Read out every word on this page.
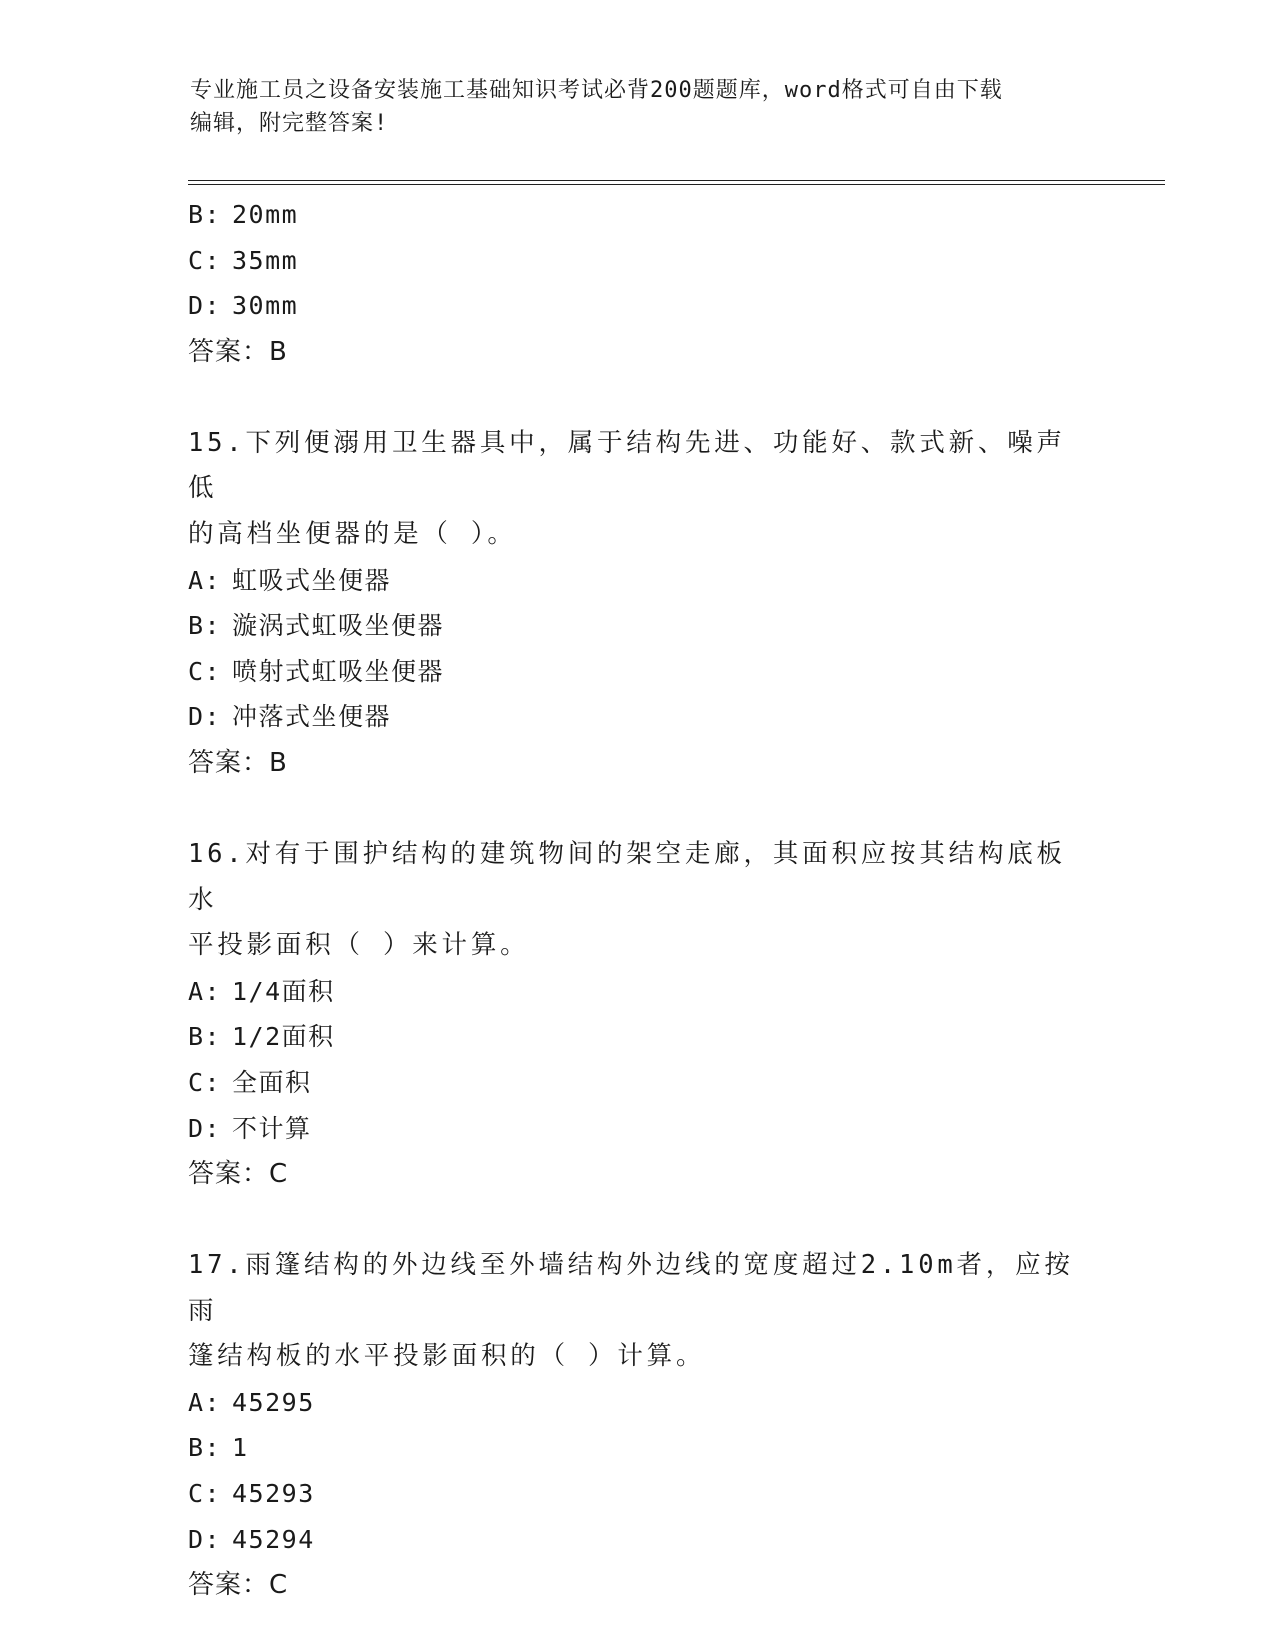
专业施工员之设备安装施工基础知识考试必背200题题库，word格式可自由下载
编辑，附完整答案!
B: 20mm
C: 35mm
D: 30mm
答案：B
15.下列便溺用卫生器具中，属于结构先进、功能好、款式新、噪声低
的高档坐便器的是（ ）。
A: 虹吸式坐便器
B: 漩涡式虹吸坐便器
C: 喷射式虹吸坐便器
D: 冲落式坐便器
答案：B
16.对有于围护结构的建筑物间的架空走廊，其面积应按其结构底板水
平投影面积（ ）来计算。
A: 1/4面积
B: 1/2面积
C: 全面积
D: 不计算
答案：C
17.雨篷结构的外边线至外墙结构外边线的宽度超过2.10m者，应按雨
篷结构板的水平投影面积的（ ）计算。
A: 45295
B: 1
C: 45293
D: 45294
答案：C
